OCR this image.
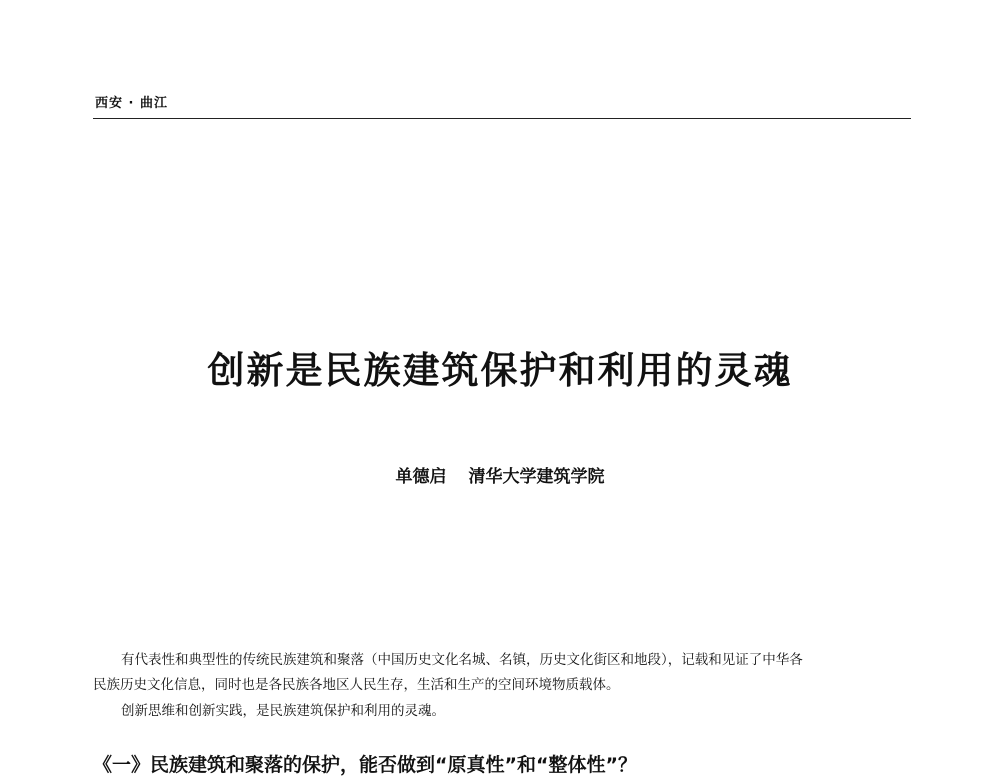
西安 · 曲江
创新是民族建筑保护和利用的灵魂
单德启 清华大学建筑学院
有代表性和典型性的传统民族建筑和聚落（中国历史文化名城、名镇，历史文化街区和地段），记载和见证了中华各
民族历史文化信息，同时也是各民族各地区人民生存，生活和生产的空间环境物质载体。
创新思维和创新实践，是民族建筑保护和利用的灵魂。
《一》民族建筑和聚落的保护，能否做到“原真性”和“整体性”？
